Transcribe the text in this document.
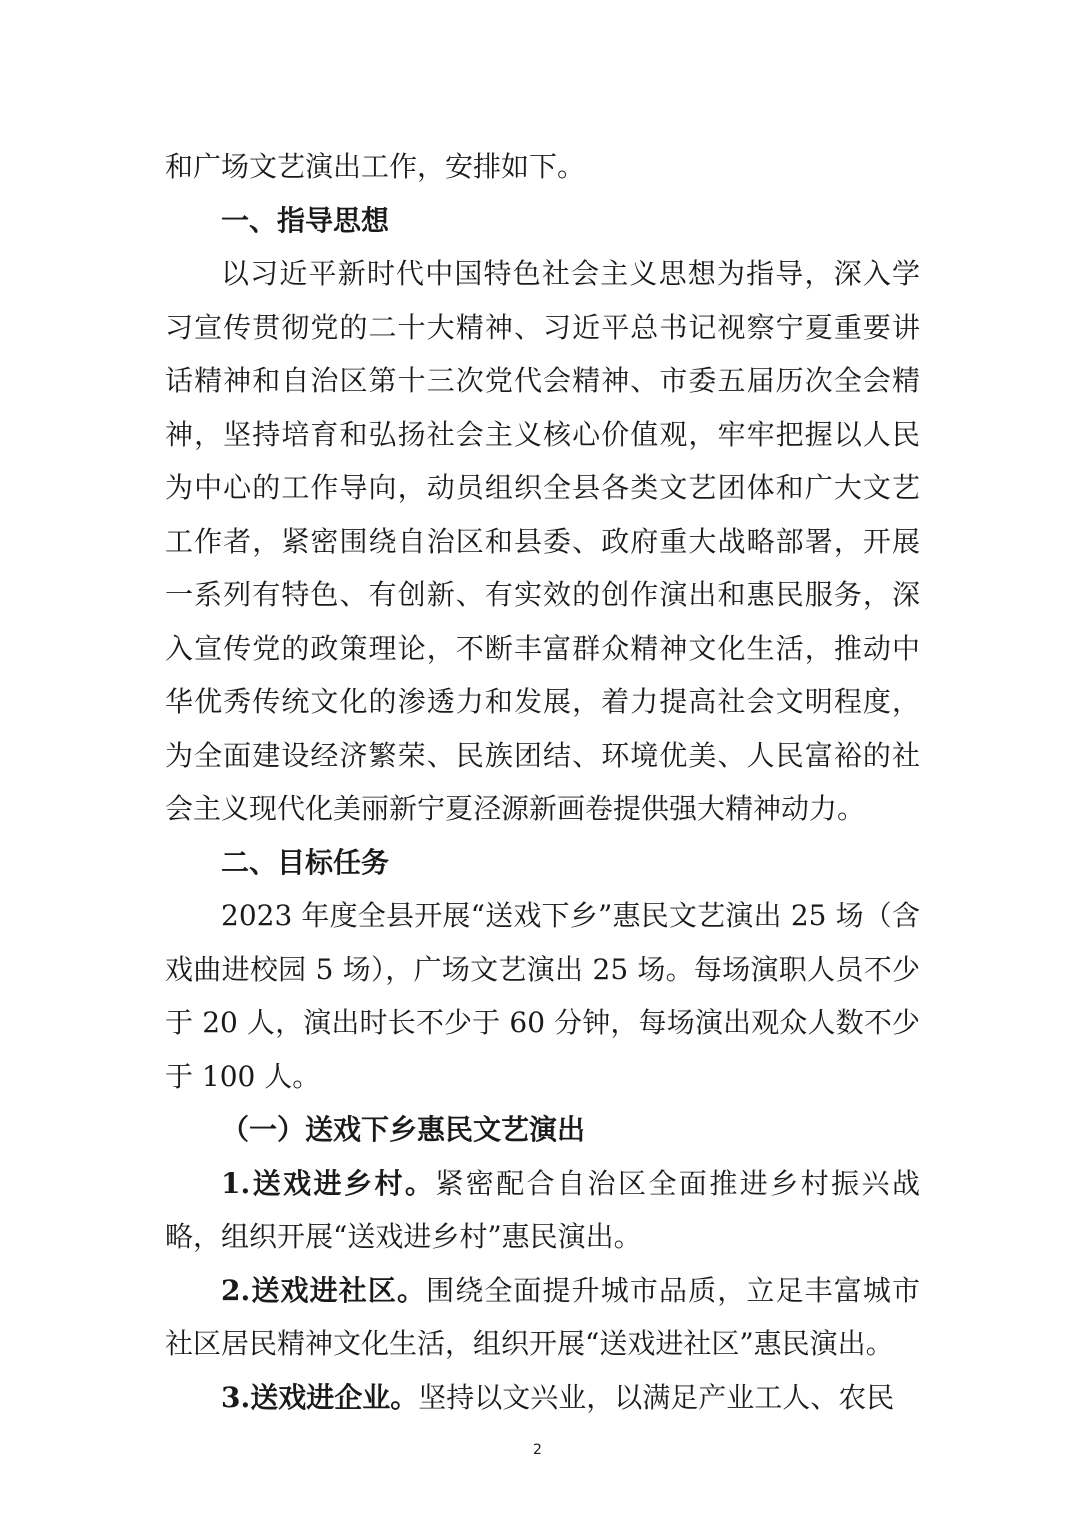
和广场文艺演出工作，安排如下。

一、指导思想

以习近平新时代中国特色社会主义思想为指导，深入学习宣传贯彻党的二十大精神、习近平总书记视察宁夏重要讲话精神和自治区第十三次党代会精神、市委五届历次全会精神，坚持培育和弘扬社会主义核心价值观，牢牢把握以人民为中心的工作导向，动员组织全县各类文艺团体和广大文艺工作者，紧密围绕自治区和县委、政府重大战略部署，开展一系列有特色、有创新、有实效的创作演出和惠民服务，深入宣传党的政策理论，不断丰富群众精神文化生活，推动中华优秀传统文化的渗透力和发展，着力提高社会文明程度，为全面建设经济繁荣、民族团结、环境优美、人民富裕的社会主义现代化美丽新宁夏泾源新画卷提供强大精神动力。

二、目标任务

2023 年度全县开展“送戏下乡”惠民文艺演出 25 场（含戏曲进校园 5 场），广场文艺演出 25 场。每场演职人员不少于 20 人，演出时长不少于 60 分钟，每场演出观众人数不少于 100 人。

（一）送戏下乡惠民文艺演出

1.送戏进乡村。紧密配合自治区全面推进乡村振兴战略，组织开展“送戏进乡村”惠民演出。

2.送戏进社区。围绕全面提升城市品质，立足丰富城市社区居民精神文化生活，组织开展“送戏进社区”惠民演出。

3.送戏进企业。坚持以文兴业，以满足产业工人、农民

2
